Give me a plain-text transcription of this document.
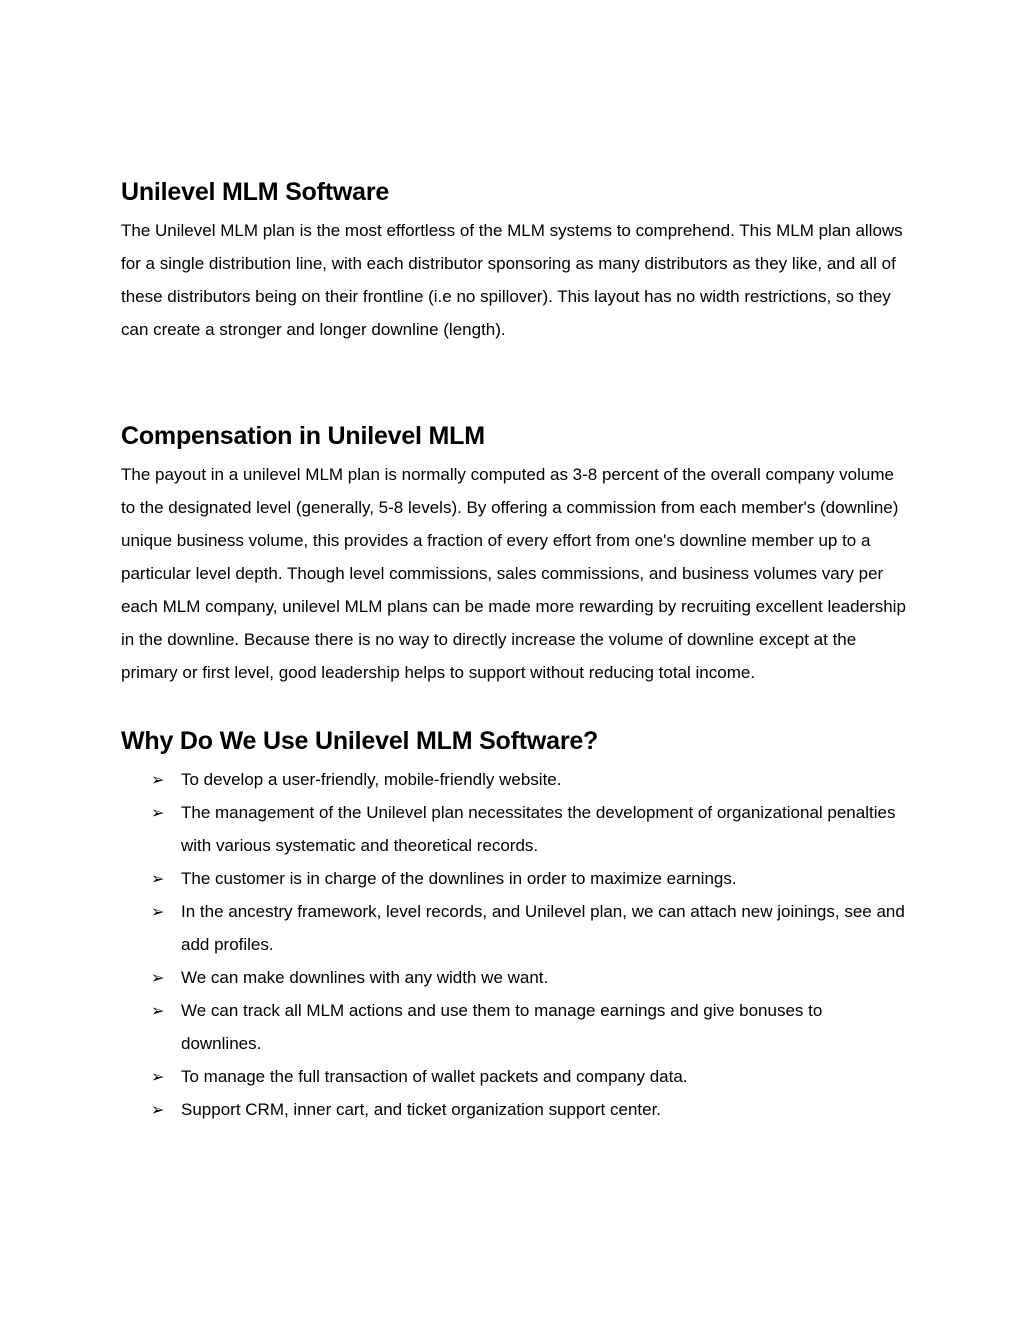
Unilevel MLM Software

The Unilevel MLM plan is the most effortless of the MLM systems to comprehend. This MLM plan allows for a single distribution line, with each distributor sponsoring as many distributors as they like, and all of these distributors being on their frontline (i.e no spillover). This layout has no width restrictions, so they can create a stronger and longer downline (length).

Compensation in Unilevel MLM

The payout in a unilevel MLM plan is normally computed as 3-8 percent of the overall company volume to the designated level (generally, 5-8 levels). By offering a commission from each member's (downline) unique business volume, this provides a fraction of every effort from one's downline member up to a particular level depth. Though level commissions, sales commissions, and business volumes vary per each MLM company, unilevel MLM plans can be made more rewarding by recruiting excellent leadership in the downline. Because there is no way to directly increase the volume of downline except at the primary or first level, good leadership helps to support without reducing total income.

Why Do We Use Unilevel MLM Software?
➢ To develop a user-friendly, mobile-friendly website.
➢ The management of the Unilevel plan necessitates the development of organizational penalties with various systematic and theoretical records.
➢ The customer is in charge of the downlines in order to maximize earnings.
➢ In the ancestry framework, level records, and Unilevel plan, we can attach new joinings, see and add profiles.
➢ We can make downlines with any width we want.
➢ We can track all MLM actions and use them to manage earnings and give bonuses to downlines.
➢ To manage the full transaction of wallet packets and company data.
➢ Support CRM, inner cart, and ticket organization support center.
